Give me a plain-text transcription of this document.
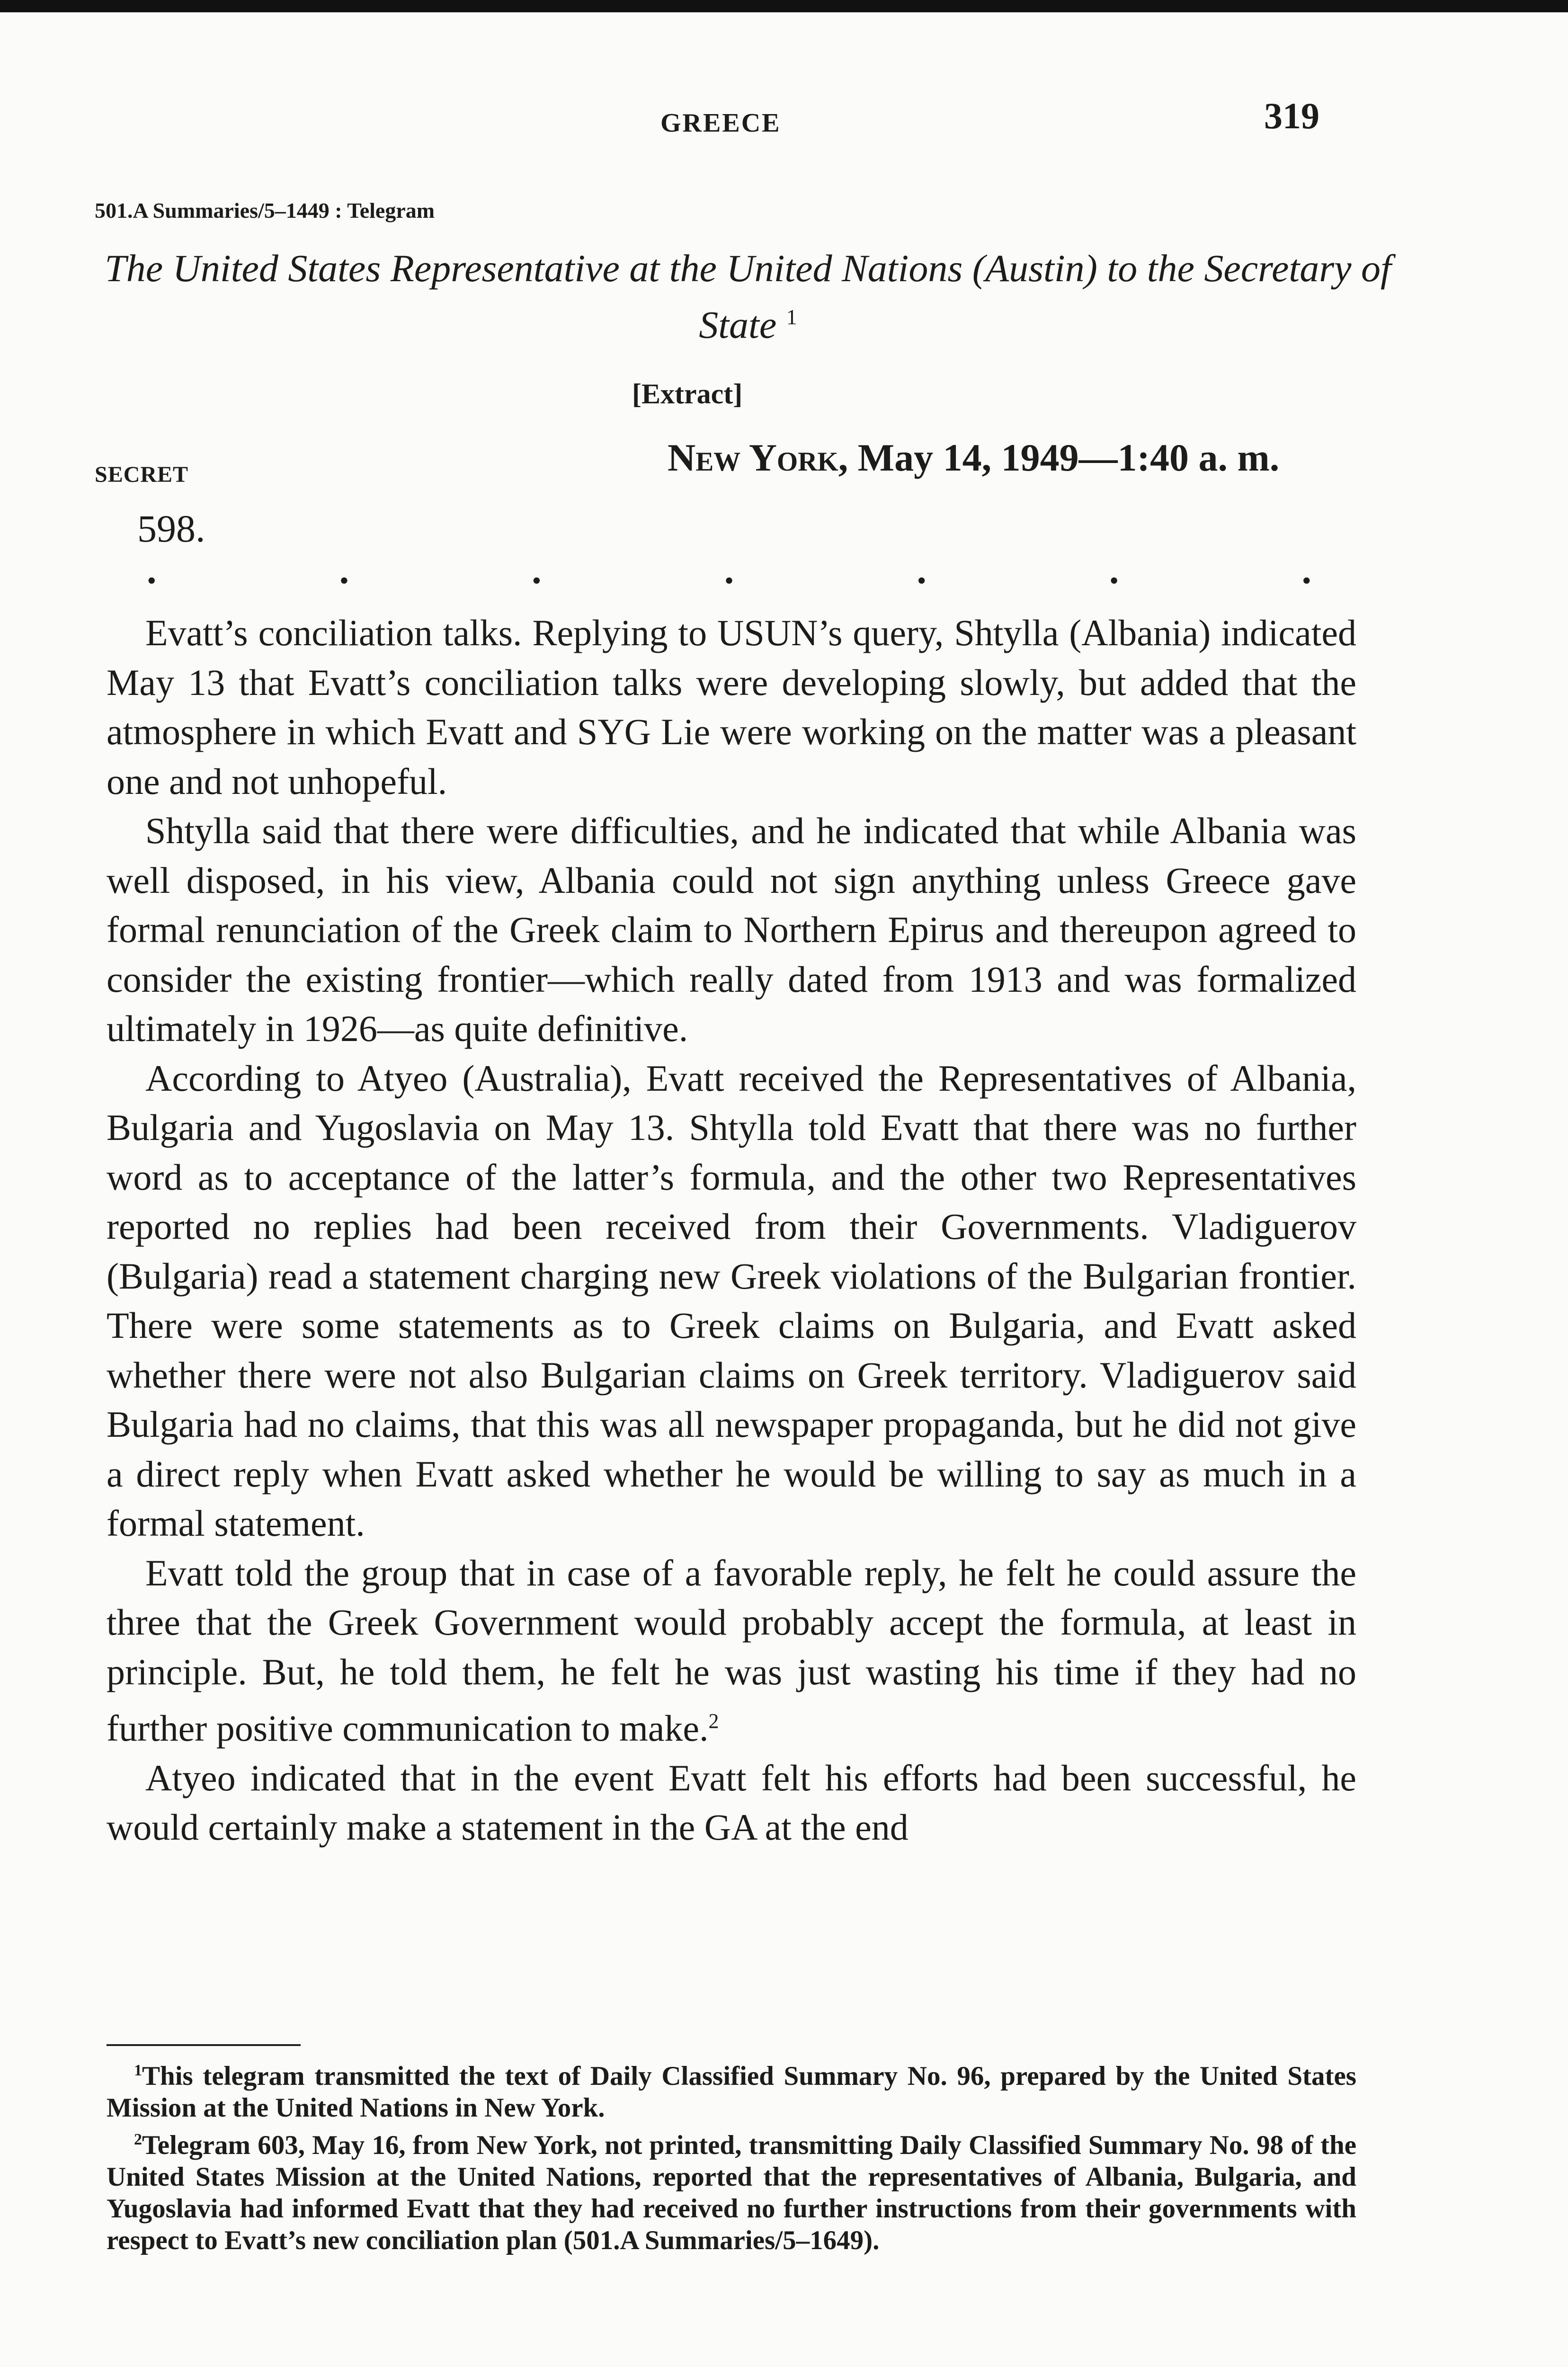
GREECE	319
501.A Summaries/5–1449 : Telegram
The United States Representative at the United Nations (Austin) to the Secretary of State $^1$
[Extract]
SECRET	New York, May 14, 1949—1:40 a. m.
598.
.	.	.	.	.	.	.

Evatt’s conciliation talks. Replying to USUN’s query, Shtylla (Albania) indicated May 13 that Evatt’s conciliation talks were developing slowly, but added that the atmosphere in which Evatt and SYG Lie were working on the matter was a pleasant one and not unhopeful.

Shtylla said that there were difficulties, and he indicated that while Albania was well disposed, in his view, Albania could not sign anything unless Greece gave formal renunciation of the Greek claim to Northern Epirus and thereupon agreed to consider the existing frontier—which really dated from 1913 and was formalized ultimately in 1926—as quite definitive.

According to Atyeo (Australia), Evatt received the Representatives of Albania, Bulgaria and Yugoslavia on May 13. Shtylla told Evatt that there was no further word as to acceptance of the latter’s formula, and the other two Representatives reported no replies had been received from their Governments. Vladiguerov (Bulgaria) read a statement charging new Greek violations of the Bulgarian frontier. There were some statements as to Greek claims on Bulgaria, and Evatt asked whether there were not also Bulgarian claims on Greek territory. Vladiguerov said Bulgaria had no claims, that this was all newspaper propaganda, but he did not give a direct reply when Evatt asked whether he would be willing to say as much in a formal statement.

Evatt told the group that in case of a favorable reply, he felt he could assure the three that the Greek Government would probably accept the formula, at least in principle. But, he told them, he felt he was just wasting his time if they had no further positive communication to make.$^2$

Atyeo indicated that in the event Evatt felt his efforts had been successful, he would certainly make a statement in the GA at the end

$^1$This telegram transmitted the text of Daily Classified Summary No. 96, prepared by the United States Mission at the United Nations in New York.

$^2$Telegram 603, May 16, from New York, not printed, transmitting Daily Classified Summary No. 98 of the United States Mission at the United Nations, reported that the representatives of Albania, Bulgaria, and Yugoslavia had informed Evatt that they had received no further instructions from their governments with respect to Evatt’s new conciliation plan (501.A Summaries/5–1649).
